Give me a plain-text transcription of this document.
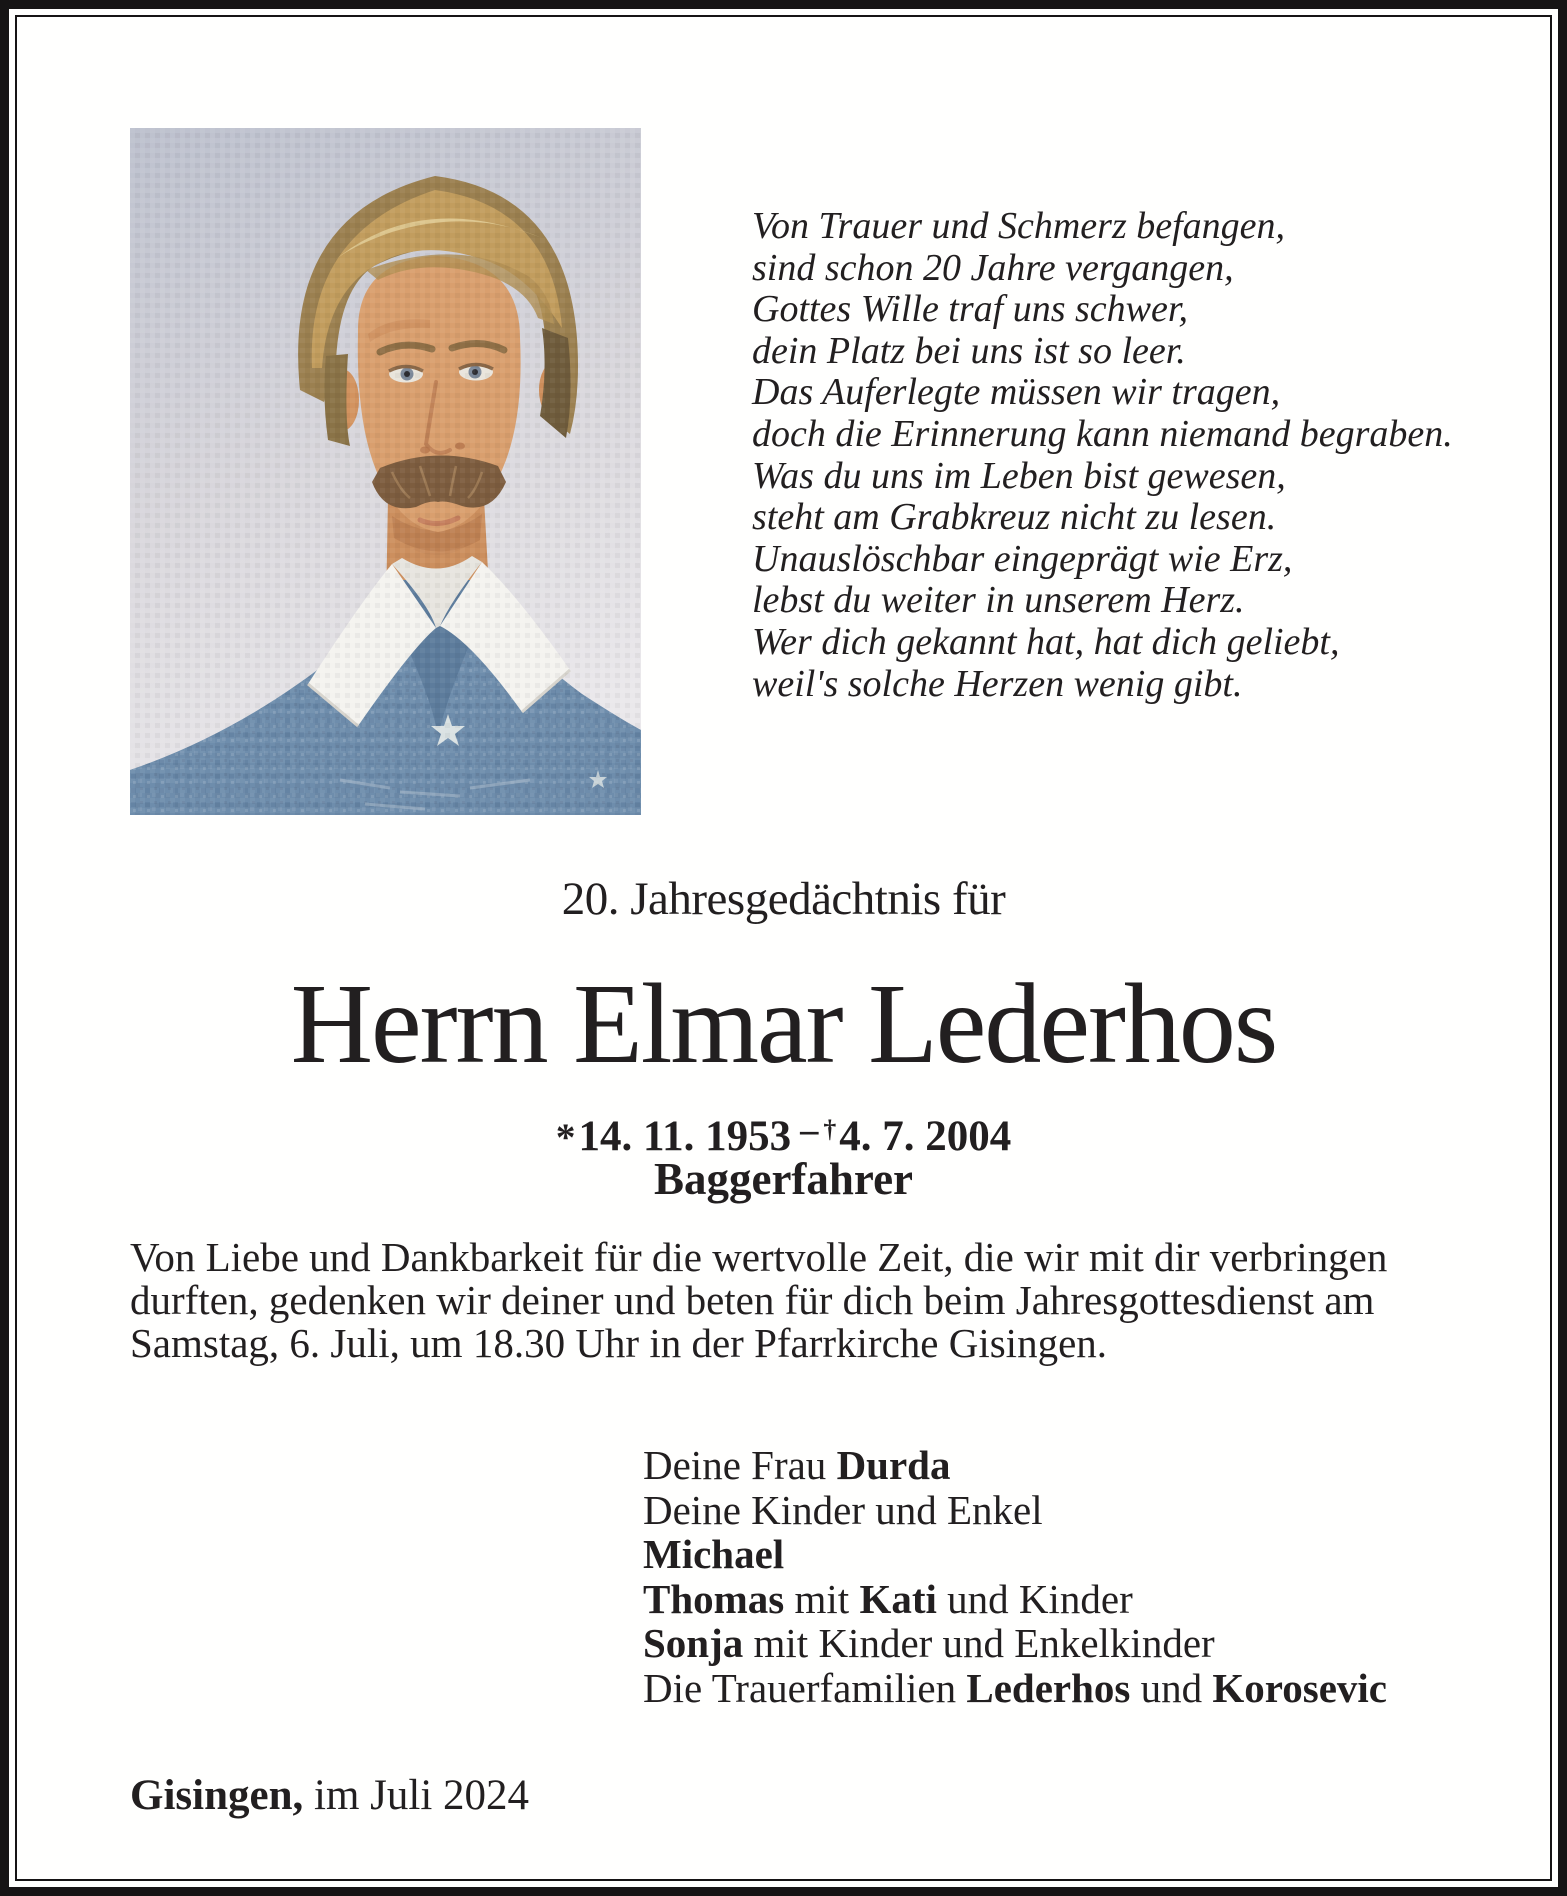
Von Trauer und Schmerz befangen,
sind schon 20 Jahre vergangen,
Gottes Wille traf uns schwer,
dein Platz bei uns ist so leer.
Das Auferlegte müssen wir tragen,
doch die Erinnerung kann niemand begraben.
Was du uns im Leben bist gewesen,
steht am Grabkreuz nicht zu lesen.
Unauslöschbar eingeprägt wie Erz,
lebst du weiter in unserem Herz.
Wer dich gekannt hat, hat dich geliebt,
weil's solche Herzen wenig gibt.
20. Jahresgedächtnis für
Herrn Elmar Lederhos
*14. 11. 1953 – †4. 7. 2004
Baggerfahrer
Von Liebe und Dankbarkeit für die wertvolle Zeit, die wir mit dir verbringen
durften, gedenken wir deiner und beten für dich beim Jahresgottesdienst am
Samstag, 6. Juli, um 18.30 Uhr in der Pfarrkirche Gisingen.
Deine Frau Durda
Deine Kinder und Enkel
Michael
Thomas mit Kati und Kinder
Sonja mit Kinder und Enkelkinder
Die Trauerfamilien Lederhos und Korosevic
Gisingen, im Juli 2024
